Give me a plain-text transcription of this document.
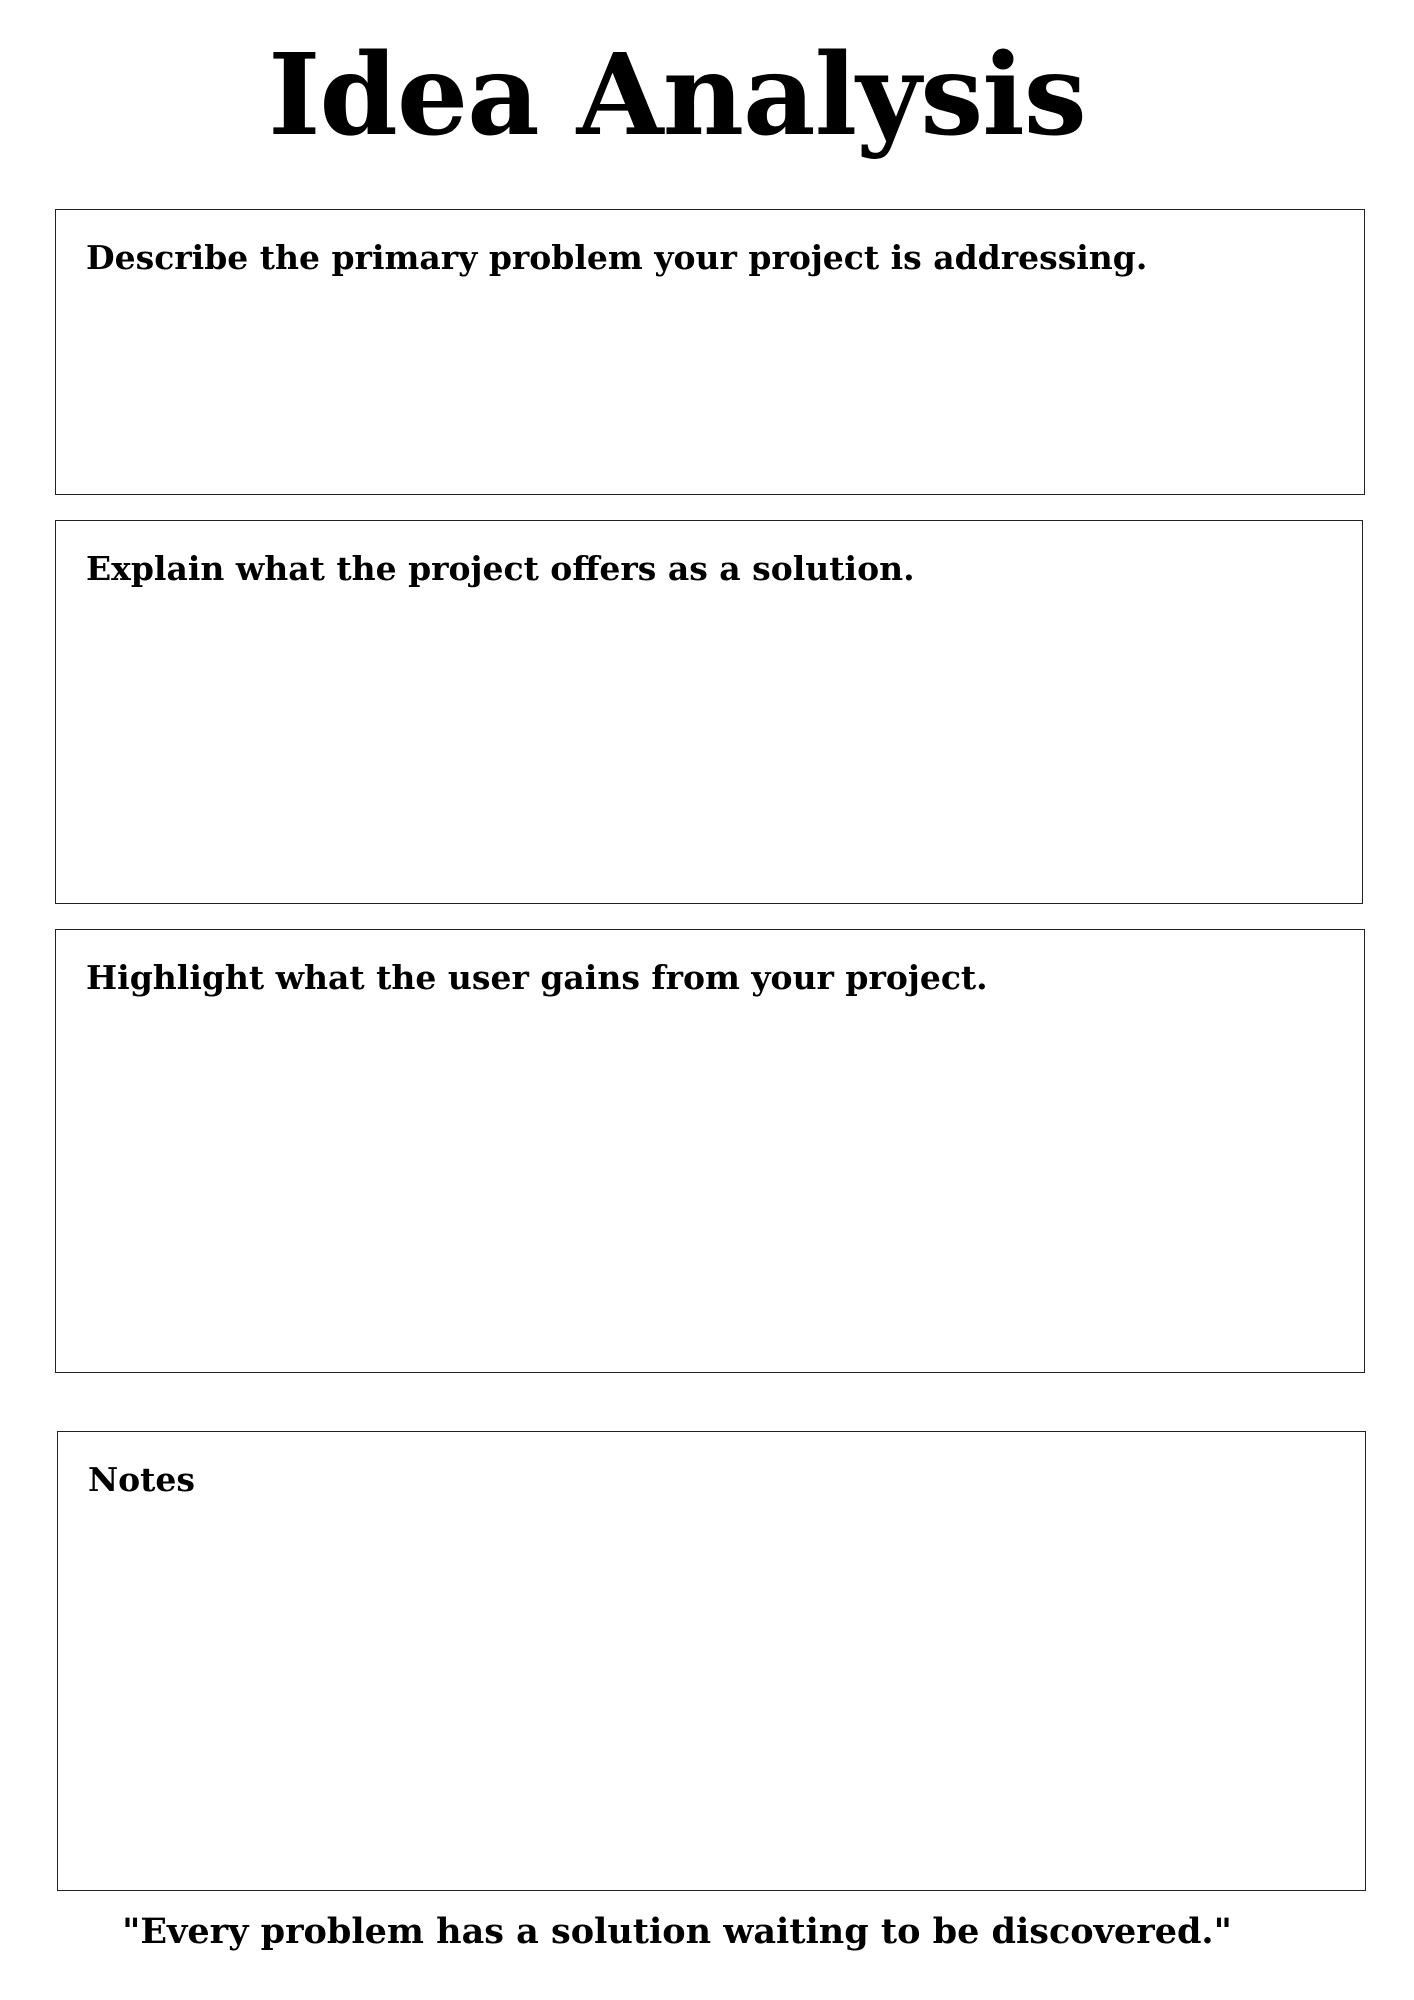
Idea Analysis
Describe the primary problem your project is addressing.
Explain what the project offers as a solution.
Highlight what the user gains from your project.
Notes
"Every problem has a solution waiting to be discovered."
